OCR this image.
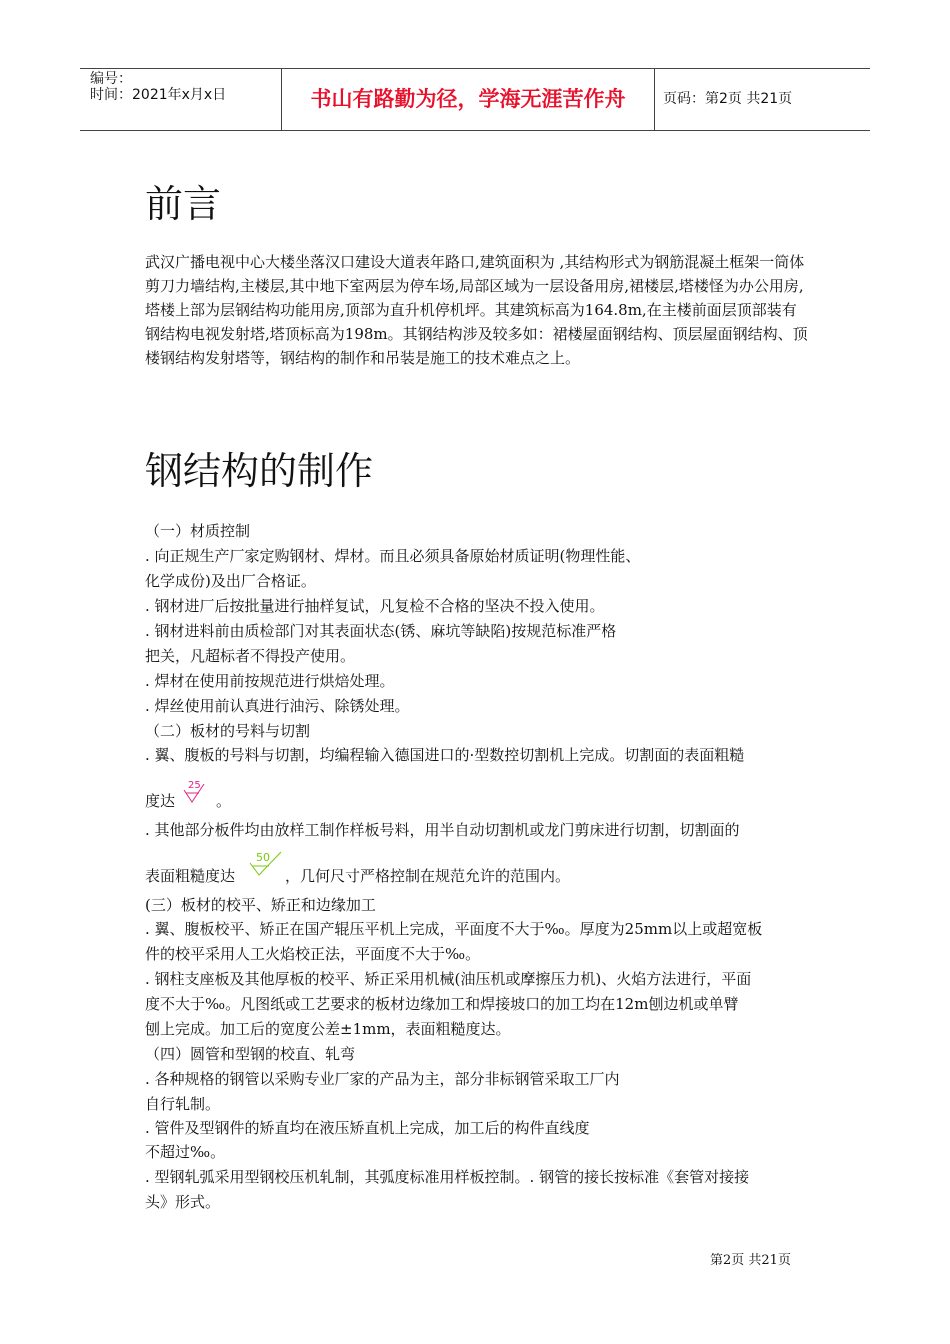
编号：
时间：2021年x月x日	书山有路勤为径，学海无涯苦作舟	页码：第2页 共21页
前言
武汉广播电视中心大楼坐落汉口建设大道表年路口,建筑面积为 ,其结构形式为钢筋混凝土框架一筒体剪刀力墙结构,主楼层,其中地下室两层为停车场,局部区域为一层设备用房,裙楼层,塔楼怪为办公用房,塔楼上部为层钢结构功能用房,顶部为直升机停机坪。其建筑标高为164.8m,在主楼前面层顶部装有钢结构电视发射塔,塔顶标高为198m。其钢结构涉及较多如：裙楼屋面钢结构、顶层屋面钢结构、顶楼钢结构发射塔等，钢结构的制作和吊装是施工的技术难点之上。
钢结构的制作
（一）材质控制
. 向正规生产厂家定购钢材、焊材。而且必须具备原始材质证明(物理性能、
化学成份)及出厂合格证。
. 钢材进厂后按批量进行抽样复试，凡复检不合格的坚决不投入使用。
. 钢材进料前由质检部门对其表面状态(锈、麻坑等缺陷)按规范标准严格
把关，凡超标者不得投产使用。
. 焊材在使用前按规范进行烘焙处理。
. 焊丝使用前认真进行油污、除锈处理。
（二）板材的号料与切割
. 翼、腹板的号料与切割，均编程输入德国进口的·型数控切割机上完成。切割面的表面粗糙
度达
25
。
. 其他部分板件均由放样工制作样板号料，用半自动切割机或龙门剪床进行切割，切割面的
表面粗糙度达
50
，几何尺寸严格控制在规范允许的范围内。
(三）板材的校平、矫正和边缘加工
. 翼、腹板校平、矫正在国产辊压平机上完成，平面度不大于‰。厚度为25mm以上或超宽板
件的校平采用人工火焰校正法，平面度不大于‰。
. 钢柱支座板及其他厚板的校平、矫正采用机械(油压机或摩擦压力机)、火焰方法进行，平面
度不大于‰。凡图纸或工艺要求的板材边缘加工和焊接坡口的加工均在12m刨边机或单臂
刨上完成。加工后的宽度公差±1mm，表面粗糙度达。
（四）圆管和型钢的校直、轧弯
. 各种规格的钢管以采购专业厂家的产品为主，部分非标钢管采取工厂内
自行轧制。
. 管件及型钢件的矫直均在液压矫直机上完成，加工后的构件直线度
不超过‰。
. 型钢轧弧采用型钢校压机轧制，其弧度标准用样板控制。. 钢管的接长按标准《套管对接接
头》形式。
第2页 共21页
